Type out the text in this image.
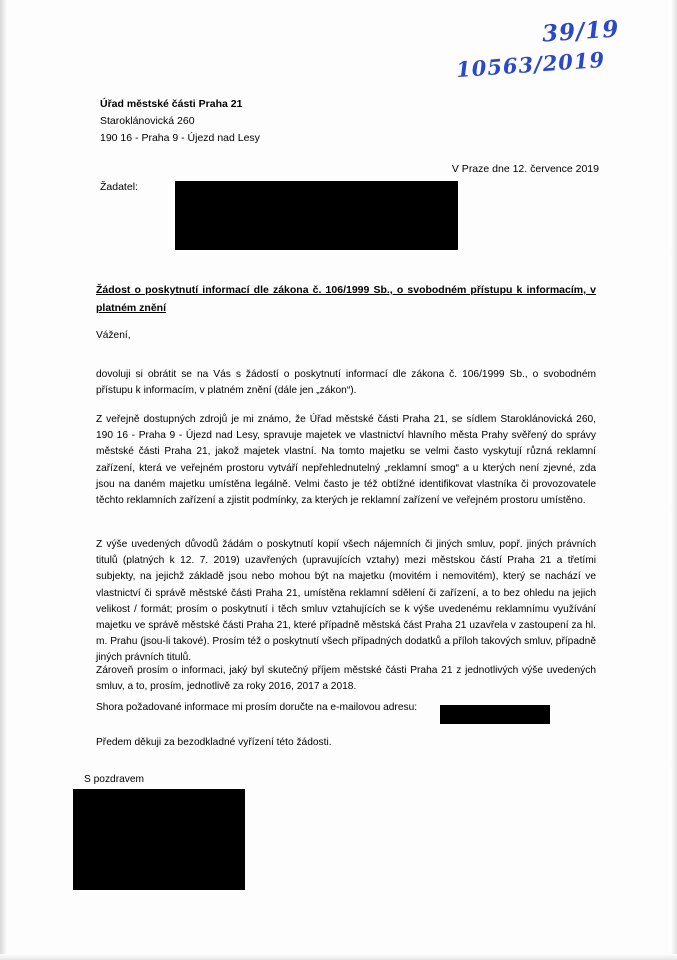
39/19
10563/2019
Úřad městské části Praha 21
Staroklánovická 260
190 16 - Praha 9 - Újezd nad Lesy
V Praze dne 12. července 2019
Žadatel:
Žádost o poskytnutí informací dle zákona č. 106/1999 Sb., o svobodném přístupu k informacím, v platném znění
Vážení,
dovoluji si obrátit se na Vás s žádostí o poskytnutí informací dle zákona č. 106/1999 Sb., o svobodném přístupu k informacím, v platném znění (dále jen „zákon“).
Z veřejně dostupných zdrojů je mi známo, že Úřad městské části Praha 21, se sídlem Staroklánovická 260, 190 16 - Praha 9 - Újezd nad Lesy, spravuje majetek ve vlastnictví hlavního města Prahy svěřený do správy městské části Praha 21, jakož majetek vlastní. Na tomto majetku se velmi často vyskytují různá reklamní zařízení, která ve veřejném prostoru vytváří nepřehlednutelný „reklamní smog“ a u kterých není zjevné, zda jsou na daném majetku umístěna legálně. Velmi často je též obtížné identifikovat vlastníka či provozovatele těchto reklamních zařízení a zjistit podmínky, za kterých je reklamní zařízení ve veřejném prostoru umístěno.
Z výše uvedených důvodů žádám o poskytnutí kopií všech nájemních či jiných smluv, popř. jiných právních titulů (platných k 12. 7. 2019) uzavřených (upravujících vztahy) mezi městskou částí Praha 21 a třetími subjekty, na jejichž základě jsou nebo mohou být na majetku (movitém i nemovitém), který se nachází ve vlastnictví či správě městské části Praha 21, umístěna reklamní sdělení či zařízení, a to bez ohledu na jejich velikost / formát; prosím o poskytnutí i těch smluv vztahujících se k výše uvedenému reklamnímu využívání majetku ve správě městské části Praha 21, které případně městská část Praha 21 uzavřela v zastoupení za hl. m. Prahu (jsou-li takové). Prosím též o poskytnutí všech případných dodatků a příloh takových smluv, případně jiných právních titulů.
Zároveň prosím o informaci, jaký byl skutečný příjem městské části Praha 21 z jednotlivých výše uvedených smluv, a to, prosím, jednotlivě za roky 2016, 2017 a 2018.
Shora požadované informace mi prosím doručte na e-mailovou adresu:
Předem děkuji za bezodkladné vyřízení této žádosti.
S pozdravem
